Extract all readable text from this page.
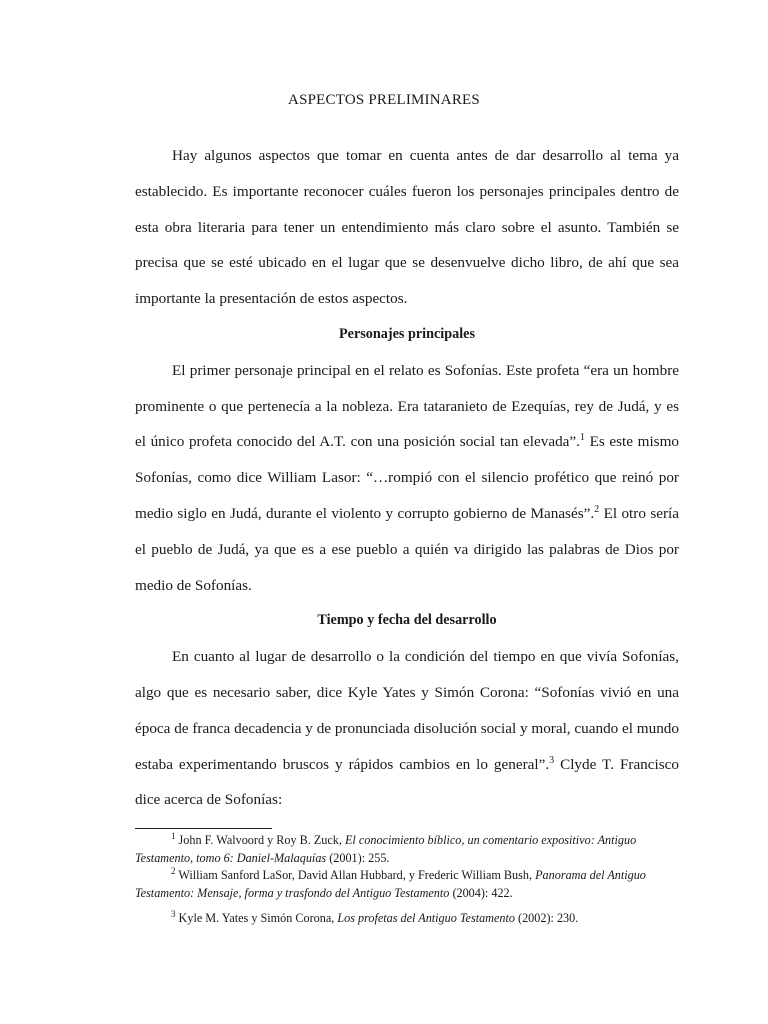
ASPECTOS PRELIMINARES

Hay algunos aspectos que tomar en cuenta antes de dar desarrollo al tema ya establecido. Es importante reconocer cuáles fueron los personajes principales dentro de esta obra literaria para tener un entendimiento más claro sobre el asunto. También se precisa que se esté ubicado en el lugar que se desenvuelve dicho libro, de ahí que sea importante la presentación de estos aspectos.

Personajes principales

El primer personaje principal en el relato es Sofonías. Este profeta “era un hombre prominente o que pertenecía a la nobleza. Era tataranieto de Ezequías, rey de Judá, y es el único profeta conocido del A.T. con una posición social tan elevada”.$^1$ Es este mismo Sofonías, como dice William Lasor: “…rompió con el silencio profético que reinó por medio siglo en Judá, durante el violento y corrupto gobierno de Manasés”.$^2$ El otro sería el pueblo de Judá, ya que es a ese pueblo a quién va dirigido las palabras de Dios por medio de Sofonías.

Tiempo y fecha del desarrollo

En cuanto al lugar de desarrollo o la condición del tiempo en que vivía Sofonías, algo que es necesario saber, dice Kyle Yates y Simón Corona: “Sofonías vivió en una época de franca decadencia y de pronunciada disolución social y moral, cuando el mundo estaba experimentando bruscos y rápidos cambios en lo general”.$^3$ Clyde T. Francisco dice acerca de Sofonías:

$^1$ John F. Walvoord y Roy B. Zuck, El conocimiento bíblico, un comentario expositivo: Antiguo Testamento, tomo 6: Daniel-Malaquías (2001): 255.

$^2$ William Sanford LaSor, David Allan Hubbard, y Frederic William Bush, Panorama del Antiguo Testamento: Mensaje, forma y trasfondo del Antiguo Testamento (2004): 422.

$^3$ Kyle M. Yates y Simón Corona, Los profetas del Antiguo Testamento (2002): 230.
